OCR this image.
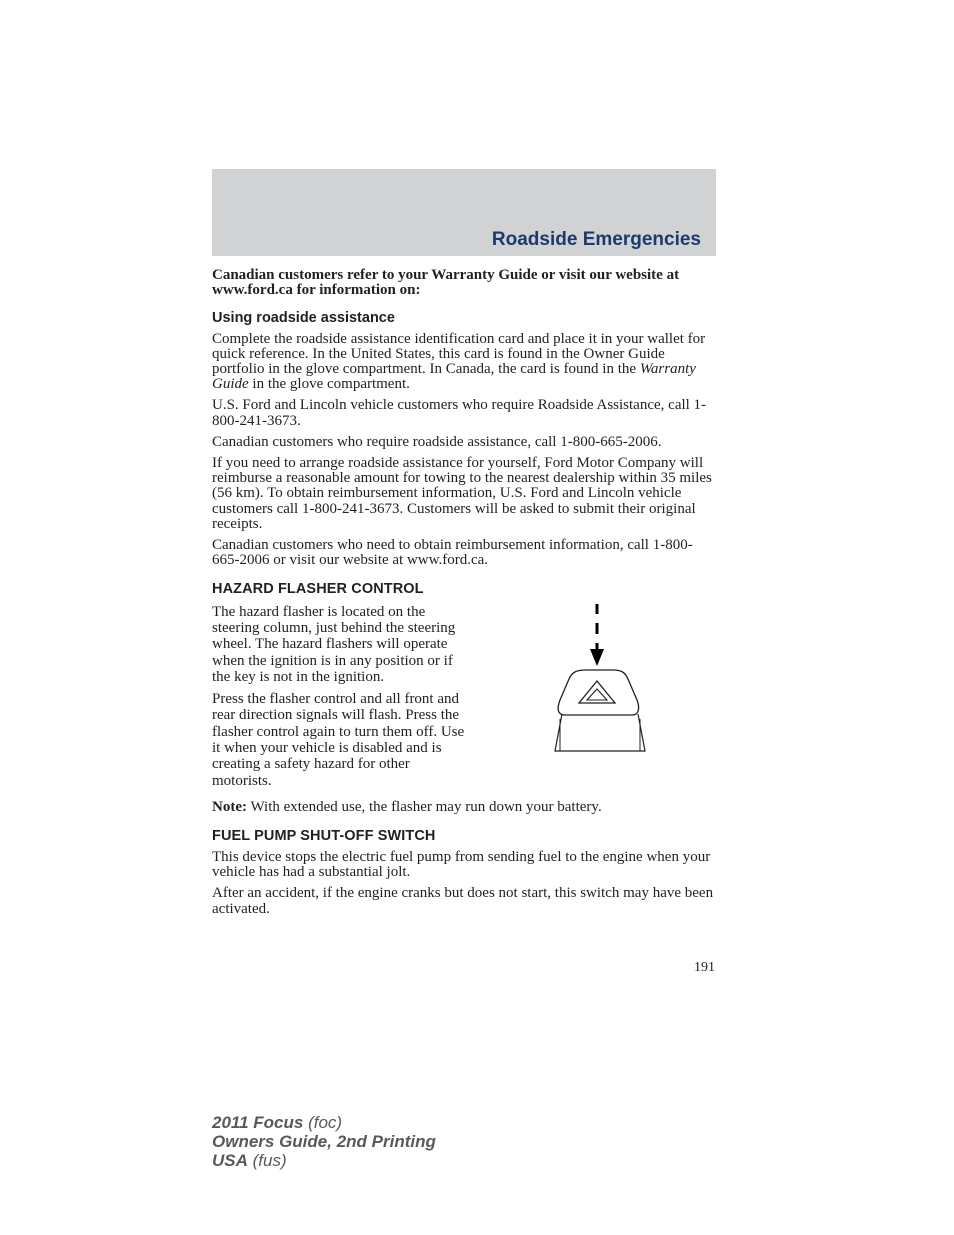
Roadside Emergencies

Canadian customers refer to your Warranty Guide or visit our website at www.ford.ca for information on:

Using roadside assistance

Complete the roadside assistance identification card and place it in your wallet for quick reference. In the United States, this card is found in the Owner Guide portfolio in the glove compartment. In Canada, the card is found in the Warranty Guide in the glove compartment.

U.S. Ford and Lincoln vehicle customers who require Roadside Assistance, call 1-800-241-3673.

Canadian customers who require roadside assistance, call 1-800-665-2006.

If you need to arrange roadside assistance for yourself, Ford Motor Company will reimburse a reasonable amount for towing to the nearest dealership within 35 miles (56 km). To obtain reimbursement information, U.S. Ford and Lincoln vehicle customers call 1-800-241-3673. Customers will be asked to submit their original receipts.

Canadian customers who need to obtain reimbursement information, call 1-800-665-2006 or visit our website at www.ford.ca.

HAZARD FLASHER CONTROL

The hazard flasher is located on the steering column, just behind the steering wheel. The hazard flashers will operate when the ignition is in any position or if the key is not in the ignition.

Press the flasher control and all front and rear direction signals will flash. Press the flasher control again to turn them off. Use it when your vehicle is disabled and is creating a safety hazard for other motorists.

Note: With extended use, the flasher may run down your battery.

FUEL PUMP SHUT-OFF SWITCH

This device stops the electric fuel pump from sending fuel to the engine when your vehicle has had a substantial jolt.

After an accident, if the engine cranks but does not start, this switch may have been activated.

191
2011 Focus (foc)
Owners Guide, 2nd Printing
USA (fus)
